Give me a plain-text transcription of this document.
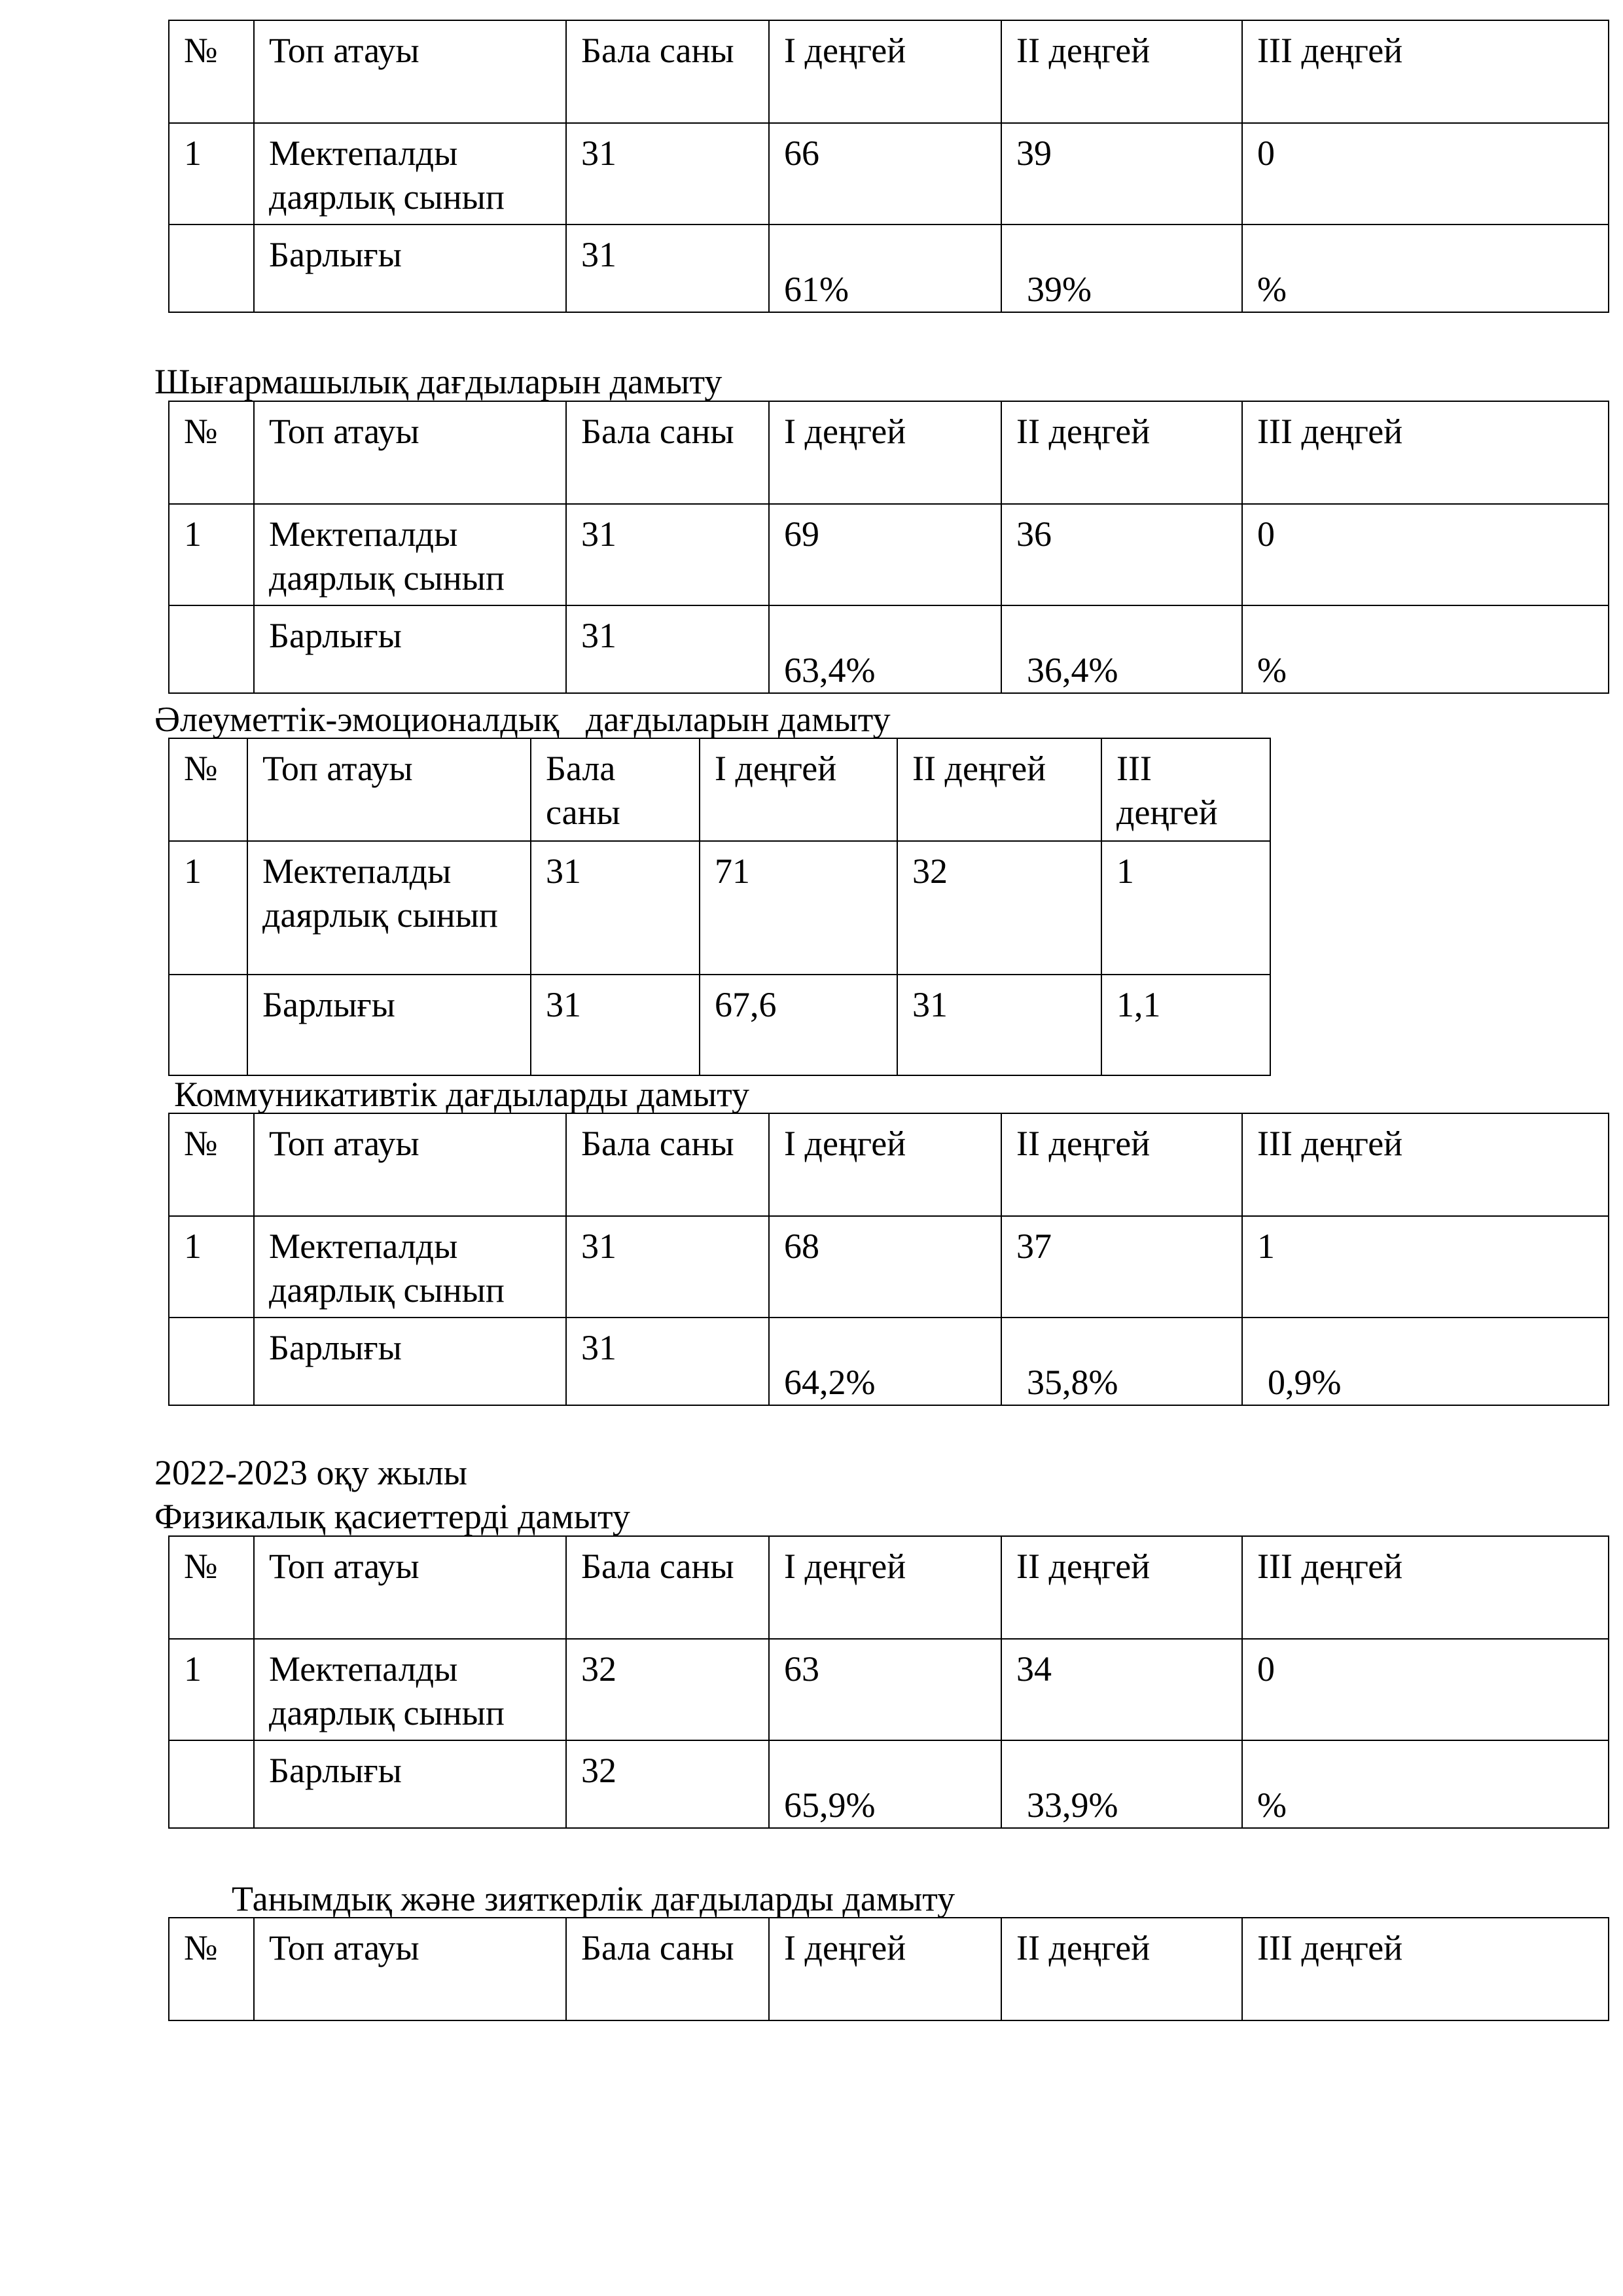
№	Топ атауы	Бала саны	І деңгей	ІІ деңгей	ІІІ деңгей
1	Мектепалды даярлық сынып	31	66	39	0
	Барлығы	31	61%	39%	%

Шығармашылық дағдыларын дамыту

№	Топ атауы	Бала саны	І деңгей	ІІ деңгей	ІІІ деңгей
1	Мектепалды даярлық сынып	31	69	36	0
	Барлығы	31	63,4%	36,4%	%

Әлеуметтік-эмоционалдық   дағдыларын дамыту

№	Топ атауы	Бала саны	І деңгей	ІІ деңгей	ІІІ деңгей
1	Мектепалды даярлық сынып	31	71	32	1
	Барлығы	31	67,6	31	1,1

Коммуникативтік дағдыларды дамыту

№	Топ атауы	Бала саны	І деңгей	ІІ деңгей	ІІІ деңгей
1	Мектепалды даярлық сынып	31	68	37	1
	Барлығы	31	64,2%	35,8%	0,9%

2022-2023 оқу жылы

Физикалық қасиеттерді дамыту

№	Топ атауы	Бала саны	І деңгей	ІІ деңгей	ІІІ деңгей
1	Мектепалды даярлық сынып	32	63	34	0
	Барлығы	32	65,9%	33,9%	%

Танымдық және зияткерлік дағдыларды дамыту

№	Топ атауы	Бала саны	І деңгей	ІІ деңгей	ІІІ деңгей
